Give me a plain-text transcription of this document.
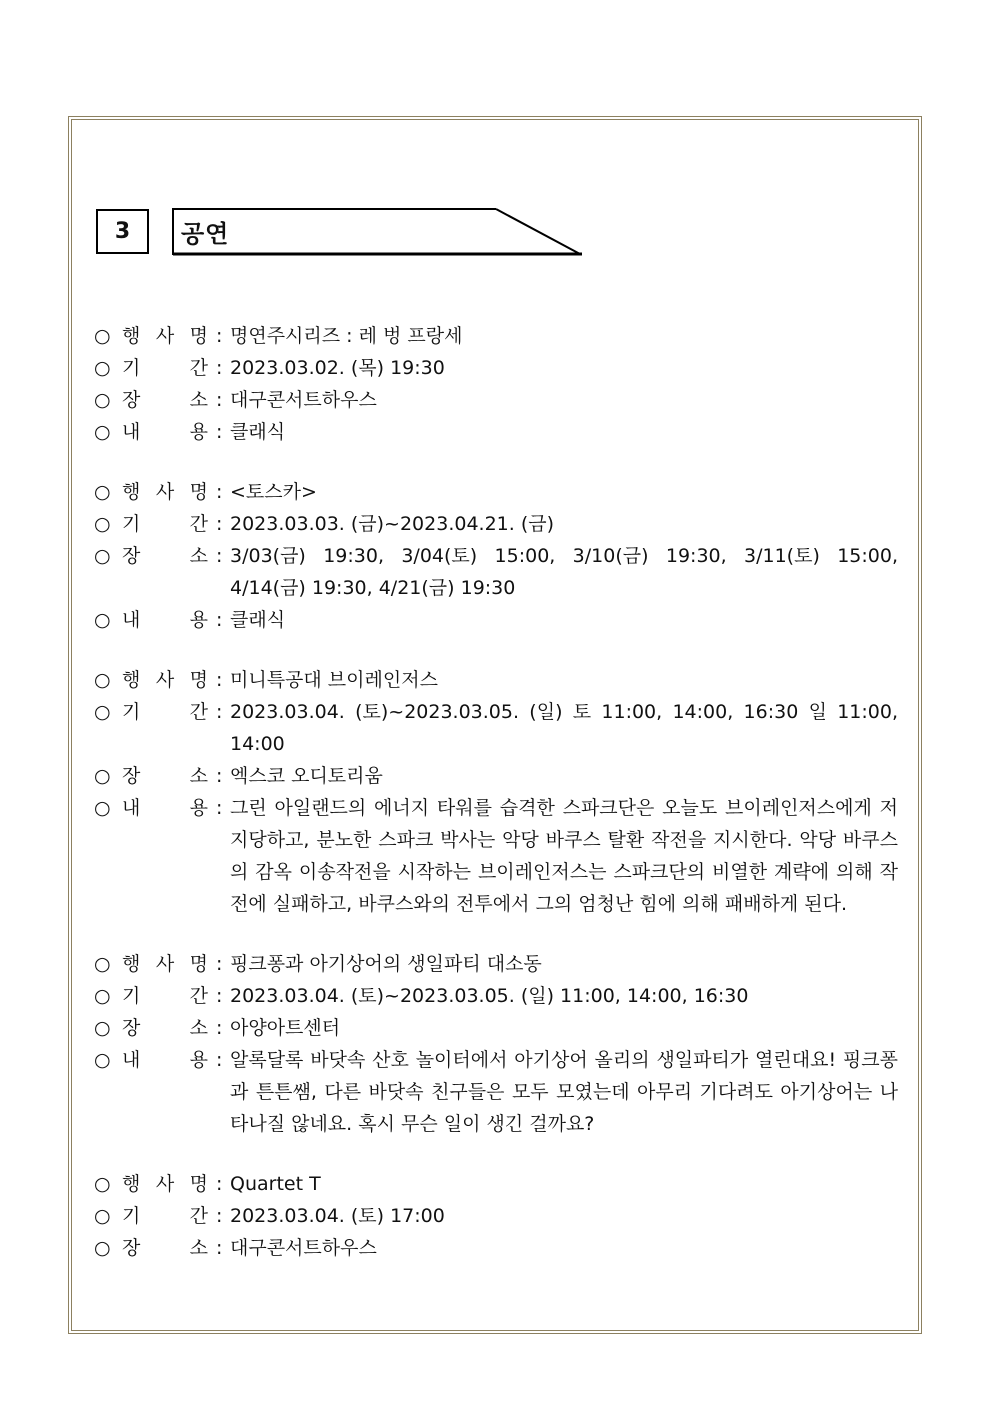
3	공연
○ 행 사 명 : 명연주시리즈 : 레 벙 프랑세
○ 기	간 : 2023.03.02. (목) 19:30
○ 장	소 : 대구콘서트하우스
○ 내	용 : 클래식
○ 행 사 명 : <토스카>
○ 기	간 : 2023.03.03. (금)~2023.04.21. (금)
○ 장	소 : 3/03(금) 19:30, 3/04(토) 15:00, 3/10(금) 19:30, 3/11(토) 15:00, 4/14(금) 19:30, 4/21(금) 19:30
○ 내	용 : 클래식
○ 행 사 명 : 미니특공대 브이레인저스
○ 기	간 : 2023.03.04. (토)~2023.03.05. (일) 토 11:00, 14:00, 16:30 일 11:00, 14:00
○ 장	소 : 엑스코 오디토리움
○ 내	용 : 그린 아일랜드의 에너지 타워를 습격한 스파크단은 오늘도 브이레인저스에게 저지당하고, 분노한 스파크 박사는 악당 바쿠스 탈환 작전을 지시한다. 악당 바쿠스의 감옥 이송작전을 시작하는 브이레인저스는 스파크단의 비열한 계략에 의해 작전에 실패하고, 바쿠스와의 전투에서 그의 엄청난 힘에 의해 패배하게 된다.
○ 행 사 명 : 핑크퐁과 아기상어의 생일파티 대소동
○ 기	간 : 2023.03.04. (토)~2023.03.05. (일) 11:00, 14:00, 16:30
○ 장	소 : 아양아트센터
○ 내	용 : 알록달록 바닷속 산호 놀이터에서 아기상어 올리의 생일파티가 열린대요! 핑크퐁과 튼튼쌤, 다른 바닷속 친구들은 모두 모였는데 아무리 기다려도 아기상어는 나타나질 않네요. 혹시 무슨 일이 생긴 걸까요?
○ 행 사 명 : Quartet T
○ 기	간 : 2023.03.04. (토) 17:00
○ 장	소 : 대구콘서트하우스
